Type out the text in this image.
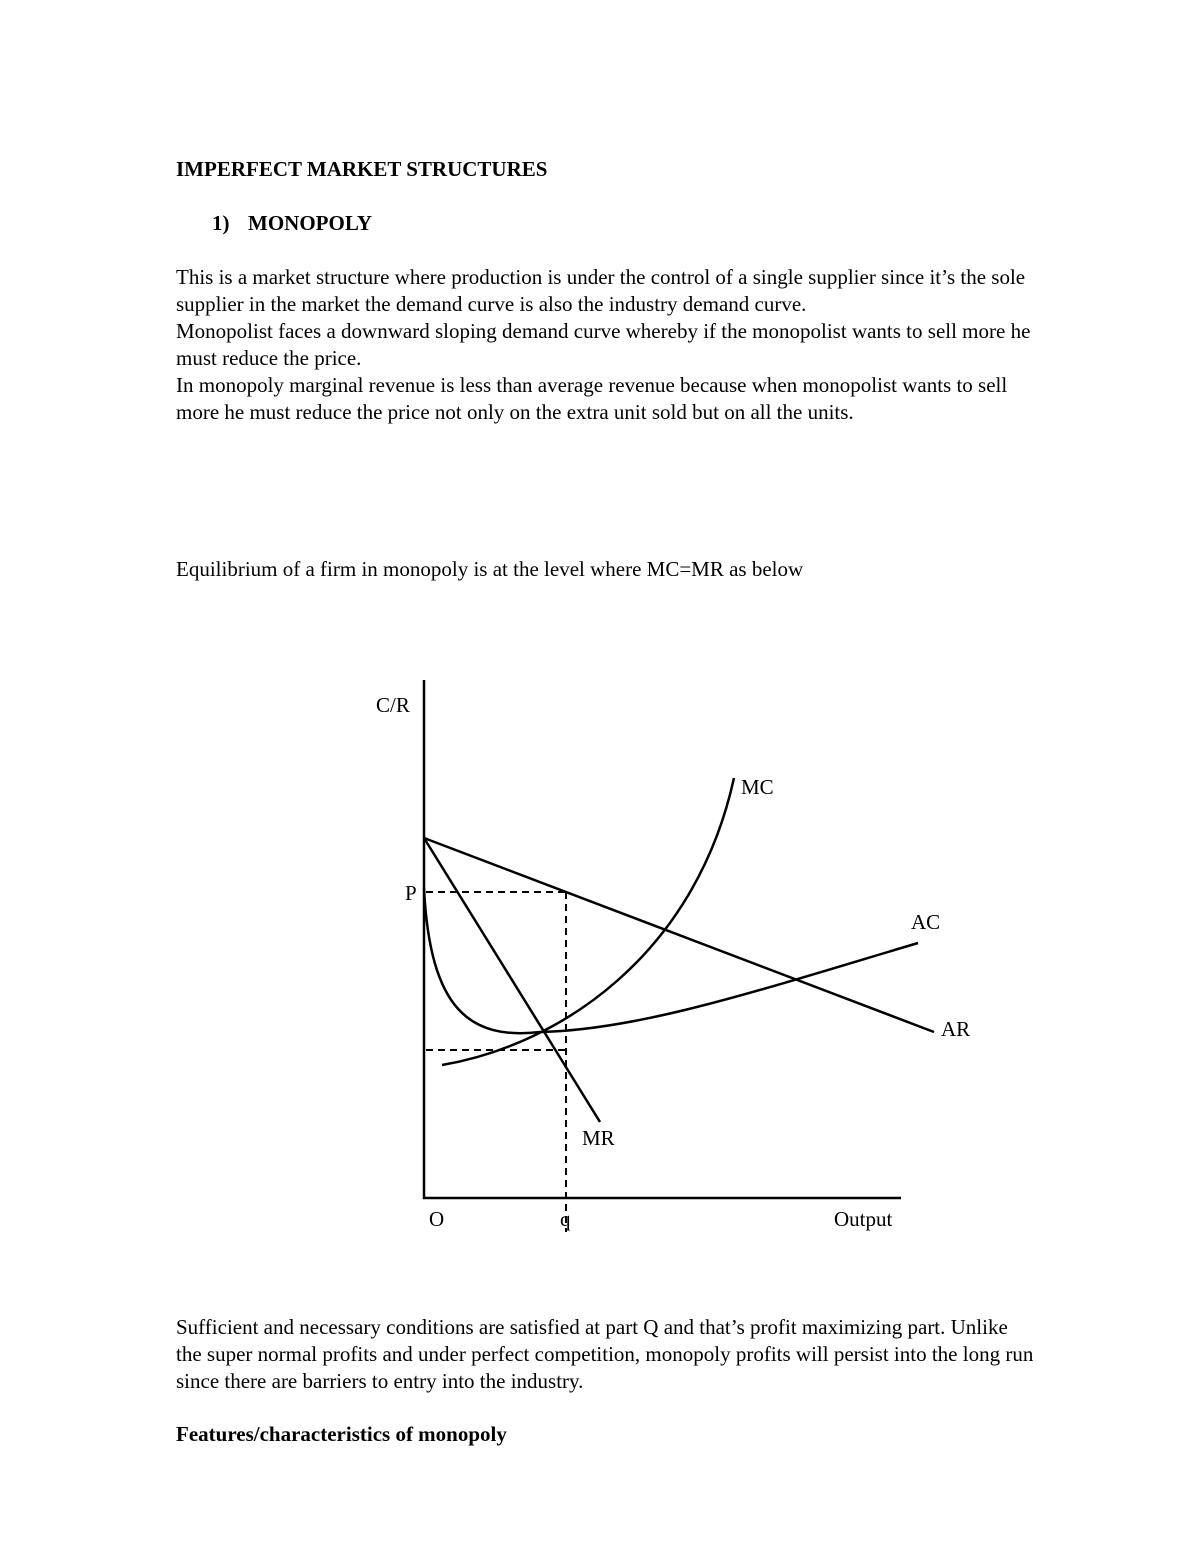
IMPERFECT MARKET STRUCTURES
1) MONOPOLY

This is a market structure where production is under the control of a single supplier since it’s the sole supplier in the market the demand curve is also the industry demand curve.

Monopolist faces a downward sloping demand curve whereby if the monopolist wants to sell more he must reduce the price.

In monopoly marginal revenue is less than average revenue because when monopolist wants to sell more he must reduce the price not only on the extra unit sold but on all the units.

Equilibrium of a firm in monopoly is at the level where MC=MR as below

C/R
Output
O	q
P
MC
AC
AR
MR

Sufficient and necessary conditions are satisfied at part Q and that’s profit maximizing part. Unlike the super normal profits and under perfect competition, monopoly profits will persist into the long run since there are barriers to entry into the industry.

Features/characteristics of monopoly
